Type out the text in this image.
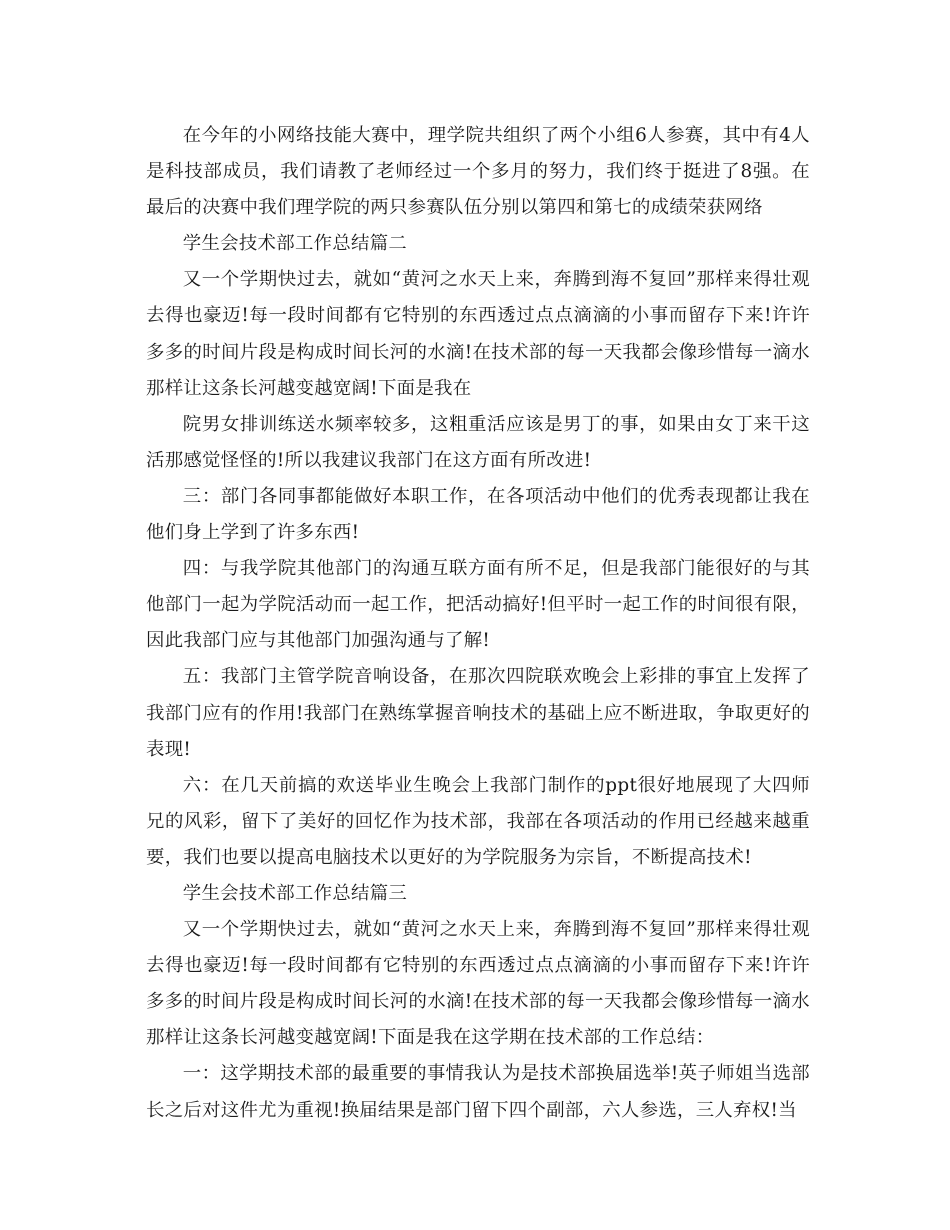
在今年的小网络技能大赛中，理学院共组织了两个小组6人参赛，其中有4人是科技部成员，我们请教了老师经过一个多月的努力，我们终于挺进了8强。在最后的决赛中我们理学院的两只参赛队伍分别以第四和第七的成绩荣获网络

学生会技术部工作总结篇二

又一个学期快过去，就如“黄河之水天上来，奔腾到海不复回”那样来得壮观去得也豪迈!每一段时间都有它特别的东西透过点点滴滴的小事而留存下来!许许多多的时间片段是构成时间长河的水滴!在技术部的每一天我都会像珍惜每一滴水那样让这条长河越变越宽阔!下面是我在

院男女排训练送水频率较多，这粗重活应该是男丁的事，如果由女丁来干这活那感觉怪怪的!所以我建议我部门在这方面有所改进!

三：部门各同事都能做好本职工作，在各项活动中他们的优秀表现都让我在他们身上学到了许多东西!

四：与我学院其他部门的沟通互联方面有所不足，但是我部门能很好的与其他部门一起为学院活动而一起工作，把活动搞好!但平时一起工作的时间很有限，因此我部门应与其他部门加强沟通与了解!

五：我部门主管学院音响设备，在那次四院联欢晚会上彩排的事宜上发挥了我部门应有的作用!我部门在熟练掌握音响技术的基础上应不断进取，争取更好的表现!

六：在几天前搞的欢送毕业生晚会上我部门制作的ppt很好地展现了大四师兄的风彩，留下了美好的回忆作为技术部，我部在各项活动的作用已经越来越重要，我们也要以提高电脑技术以更好的为学院服务为宗旨，不断提高技术!

学生会技术部工作总结篇三

又一个学期快过去，就如“黄河之水天上来，奔腾到海不复回”那样来得壮观去得也豪迈!每一段时间都有它特别的东西透过点点滴滴的小事而留存下来!许许多多的时间片段是构成时间长河的水滴!在技术部的每一天我都会像珍惜每一滴水那样让这条长河越变越宽阔!下面是我在这学期在技术部的工作总结：

一：这学期技术部的最重要的事情我认为是技术部换届选举!英子师姐当选部长之后对这件尤为重视!换届结果是部门留下四个副部，六人参选，三人弃权!当
